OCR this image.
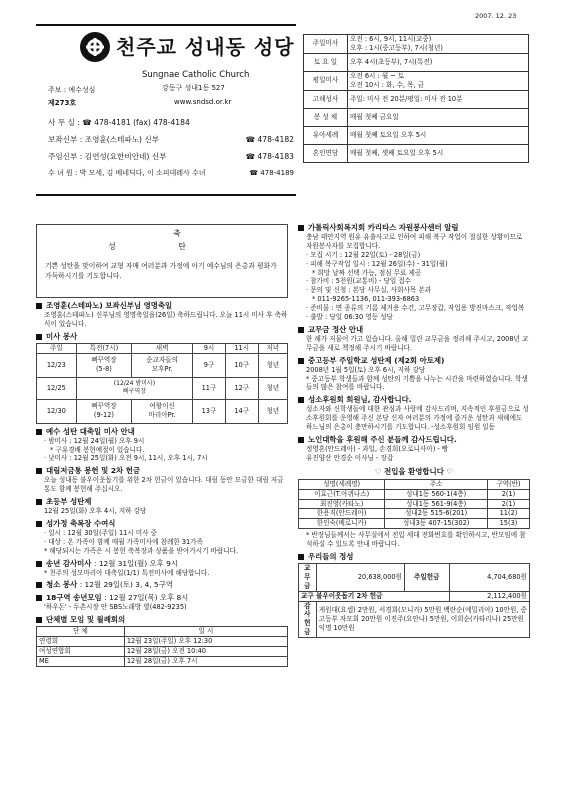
2007. 12. 23
천주교 성내동 성당
Sungnae Catholic Church
주보 : 예수성심	강동구 성내1동 527
제273호	www.sndsd.or.kr
사 무 실 : ☎ 478-4181 (fax) 478-4184
보좌신부 : 조영훈(스테파노) 신부	☎ 478-4182
주임신부 : 김연성(요한비안네) 신부	☎ 478-4183
수 녀 원 : 박 모세, 김 베네딕다, 이 소피데레사 수녀	☎ 478-4189
주일미사	오전 : 6시, 9시, 11시(교중)
오후 : 1시(중고등부), 7시(청년)

토 요 일	오후 4시(초등부), 7시(특전)
평일미사	오전 6시 : 월 ~ 토
오전 10시 : 화, 수, 목, 금

고해성사	주일: 미사 전 20분/평일: 미사 전 10분
봉 성 체	매월 첫째 금요일
유아세례	매월 첫째 토요일 오후 5시
혼인면담	매월 첫째, 셋째 토요일 오후 5시
축
성 탄
기쁜 성탄을 맞이하여 교형 자매 여러분과 가정에 아기 예수님의 은총과 평화가 가득하시기를 기도합니다.
조영훈(스테파노) 보좌신부님 영명축일
조영훈(스테파노) 신부님의 영명축일을(26일) 축하드립니다. 오늘 11시 미사 후 축하식이 있습니다.
미사 봉사
주일	특전(7시)	새벽	9시	11시	저녁
12/23	뻐꾸역장
(5-8)	순교자들의
모후Pr.	9구	10구	청년
12/25	(12/24 밤미사)
뻐구역장		11구	12구	청년
12/30	뻐꾸역장
(9-12)	여왕이신
마리아Pr.	13구	14구	청년
예수 성탄 대축일 미사 안내
· 밤미사 : 12월 24일(월) 오후 9시
* 구유경배 봉헌예절이 있습니다.
· 낮미사 : 12월 25일(화) 오전 9시, 11시, 오후 1시, 7시
대림저금통 봉헌 및 2차 헌금
오늘 성내동 불우이웃돕기를 위한 2차 헌금이 있습니다. 대림 동안 모금한 대림 저금통도 함께 봉헌해 주십시오.
초등부 성탄제
12월 25일(화) 오후 4시, 지하 강당
성가정 축복장 수여식
· 일시 : 12월 30일(주일) 11시 미사 중
· 대상 : 온 가족이 함께 매월 가족미사에 참례한 31가족
* 해당되시는 가족은 시 봉헌 축복장과 상품을 받아가시기 바랍니다.
송년 감사미사 : 12월 31일(월) 오후 9시
* 천주의 성모마리아 대축일(1/1) 특전미사에 해당합니다.
청소 봉사 : 12월 29일(토) 3, 4, 5구역
18구역 송년모임 : 12월 27일(목) 오후 8시
'하우돈' - 두촌시장 안 SBS노래방 옆(482-9235)
단체별 모임 및 월례회의
단 체	일 시
연령회	12월 23일(주일) 오후 12:30
여성연합회	12월 28일(금) 오전 10:40
ME	12월 28일(금) 오후 7시
가톨릭사회복지회 카리타스 자원봉사센터 알림
충남 태안지역 원유 유출사고로 인하여 피해 복구 작업이 절실한 상황이므로 자원봉사자를 모집합니다.
· 모집 시기 : 12월 22일(토) - 28일(금)
· 피해 복구작업 일시 : 12월 26일(수) - 31일(월)
* 희망 날짜 선택 가능, 점심 무료 제공
· 참가비 : 5천원(교통비) - 당일 접수
· 문의 및 신청 : 본당 사무실, 사회사목 본과
* 011-9265-1136, 011-393-6863
· 준비물 : 면 종류의 기름 제거용 수건, 고무장갑, 작업용 방진마스크, 작업복
· 출발 : 당일 06:30 영등 성당
교무금 정산 안내
한 해가 저물어 가고 있습니다. 올해 밀린 교무금을 정리해 주시고, 2008년 교무금을 새로 책정해 주시기 바랍니다.
중고등부 주일학교 성탄제 (제2회 아토제)
2008년 1월 5일(토) 오후 6시, 지하 강당
* 중고등부 학생들과 함께 성탄의 기쁨을 나누는 시간을 마련하였습니다. 학생들의 많은 참여를 바랍니다.
성소후원회 회원님, 감사합니다.
성소자와 신학생들에 대한 관심과 사랑에 감사드리며, 지속적인 후원금으로 성소후원회를 운영해 주신 본당 신자 여러분의 가정에 즐거운 성탄과 새해에도 하느님의 은총이 충만하시기를 기도합니다. -성소후원회 임원 일동
노인대학을 후원해 주신 분들께 감사드립니다.
정영혼(안드레아) - 과일, 손경희(오로니사아) - 빵
유진양산 안경순 이사님 - 장갑
♡ 전입을 환영합니다 ♡
성명(세례명)	주소	구역(반)
이효근(T.아퀴나스)	성내1동 560-1(4층)	2(1)
최진영(카타노)	성내1동 561-9(4층)	2(1)
한용직(안드레아)	성내2동 515-6(201)	11(2)
한인숙(베로니카)	성내3동 407-15(302)	15(3)
* 반장님들께서는 사무실에서 전입 세대 전화번호를 확인하시고, 반모임에 참석하실 수 있도록 안내 바랍니다.
우리들의 정성
교 무 금	20,638,000원	주일헌금	4,704,680원
교구 불우이웃돕기 2차 헌금			2,112,400원
감사헌금	게원대(요셉) 2만원, 서경희(모니카) 5만원 백란순(에밀리아) 10만원, 중고등부 자모회 20만원 이진주(요안나) 5만원, 이희순(카타리나) 25만원 익명 10만원		
